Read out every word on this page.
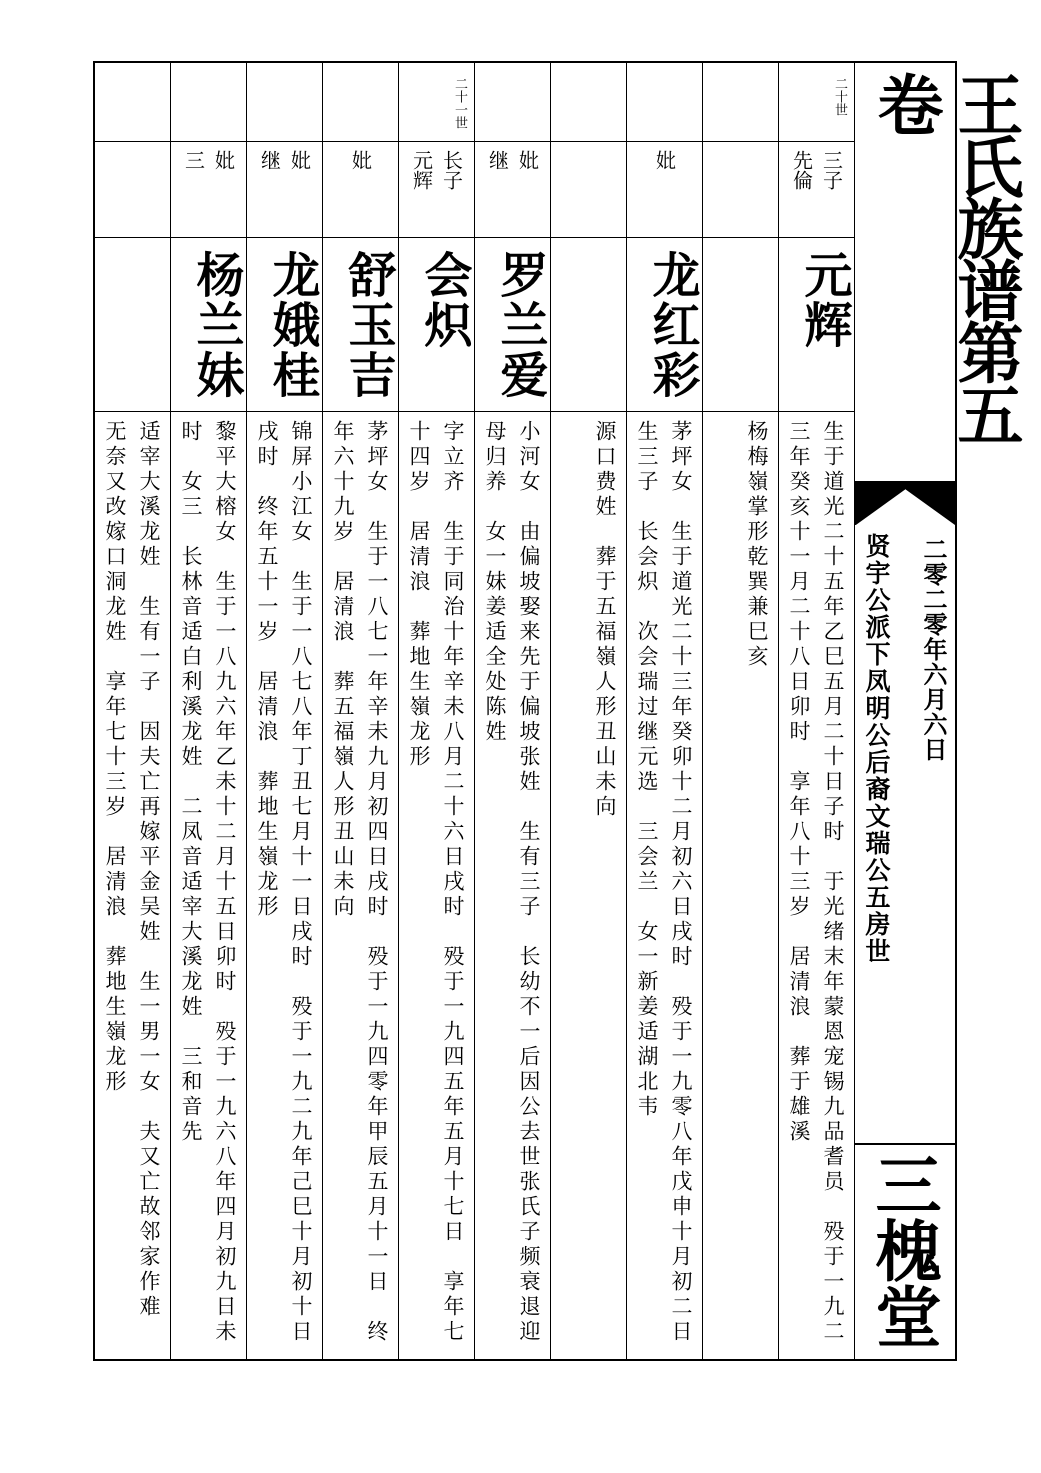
二十世
先倫 三子
元辉
生于道光二十五年乙巳五月二十日子时　于光绪末年蒙恩宠锡九品耆员　殁于一九二三年癸亥十一月二十八日卯时　享年八十三岁　居清浪　葬于雄溪
杨梅嶺掌形乾巽兼巳亥
妣
龙红彩
茅坪女　生于道光二十三年癸卯十二月初六日戌时　殁于一九零八年戊申十月初二日　生三子　长会炽　次会瑞过继元选　三会兰　女一新姜适湖北韦
源口费姓　葬于五福嶺人形丑山未向
继 妣
罗兰爱
小河女　由偏坡娶来先于偏坡张姓　生有三子　长幼不一后因公去世张氏子频衰退迎母归养　女一妹姜适全处陈姓
二十一世
元辉 长子
会炽
字立齐　生于同治十年辛未八月二十六日戌时　殁于一九四五年五月十七日　享年七十四岁　居清浪　葬地生嶺龙形
妣
舒玉吉
茅坪女　生于一八七一年辛未九月初四日戌时　殁于一九四零年甲辰五月十一日　终年六十九岁　居清浪　葬五福嶺人形丑山未向
继 妣
龙娥桂
锦屏小江女　生于一八七八年丁丑七月十一日戌时　殁于一九二九年己巳十月初十日戌时　终年五十一岁　居清浪　葬地生嶺龙形
三 妣
杨兰妹
黎平大榕女　生于一八九六年乙未十二月十五日卯时　殁于一九六八年四月初九日未时　女三　长林音适白利溪龙姓　二凤音适宰大溪龙姓　三和音先
适宰大溪龙姓　生有一子　因夫亡再嫁平金吴姓　生一男一女　夫又亡故邻家作难　无奈又改嫁口洞龙姓　享年七十三岁　居清浪　葬地生嶺龙形
王氏族谱第五卷
贤宇公派下凤明公后裔文瑞公五房世 二零二零年六月六日
三槐堂
